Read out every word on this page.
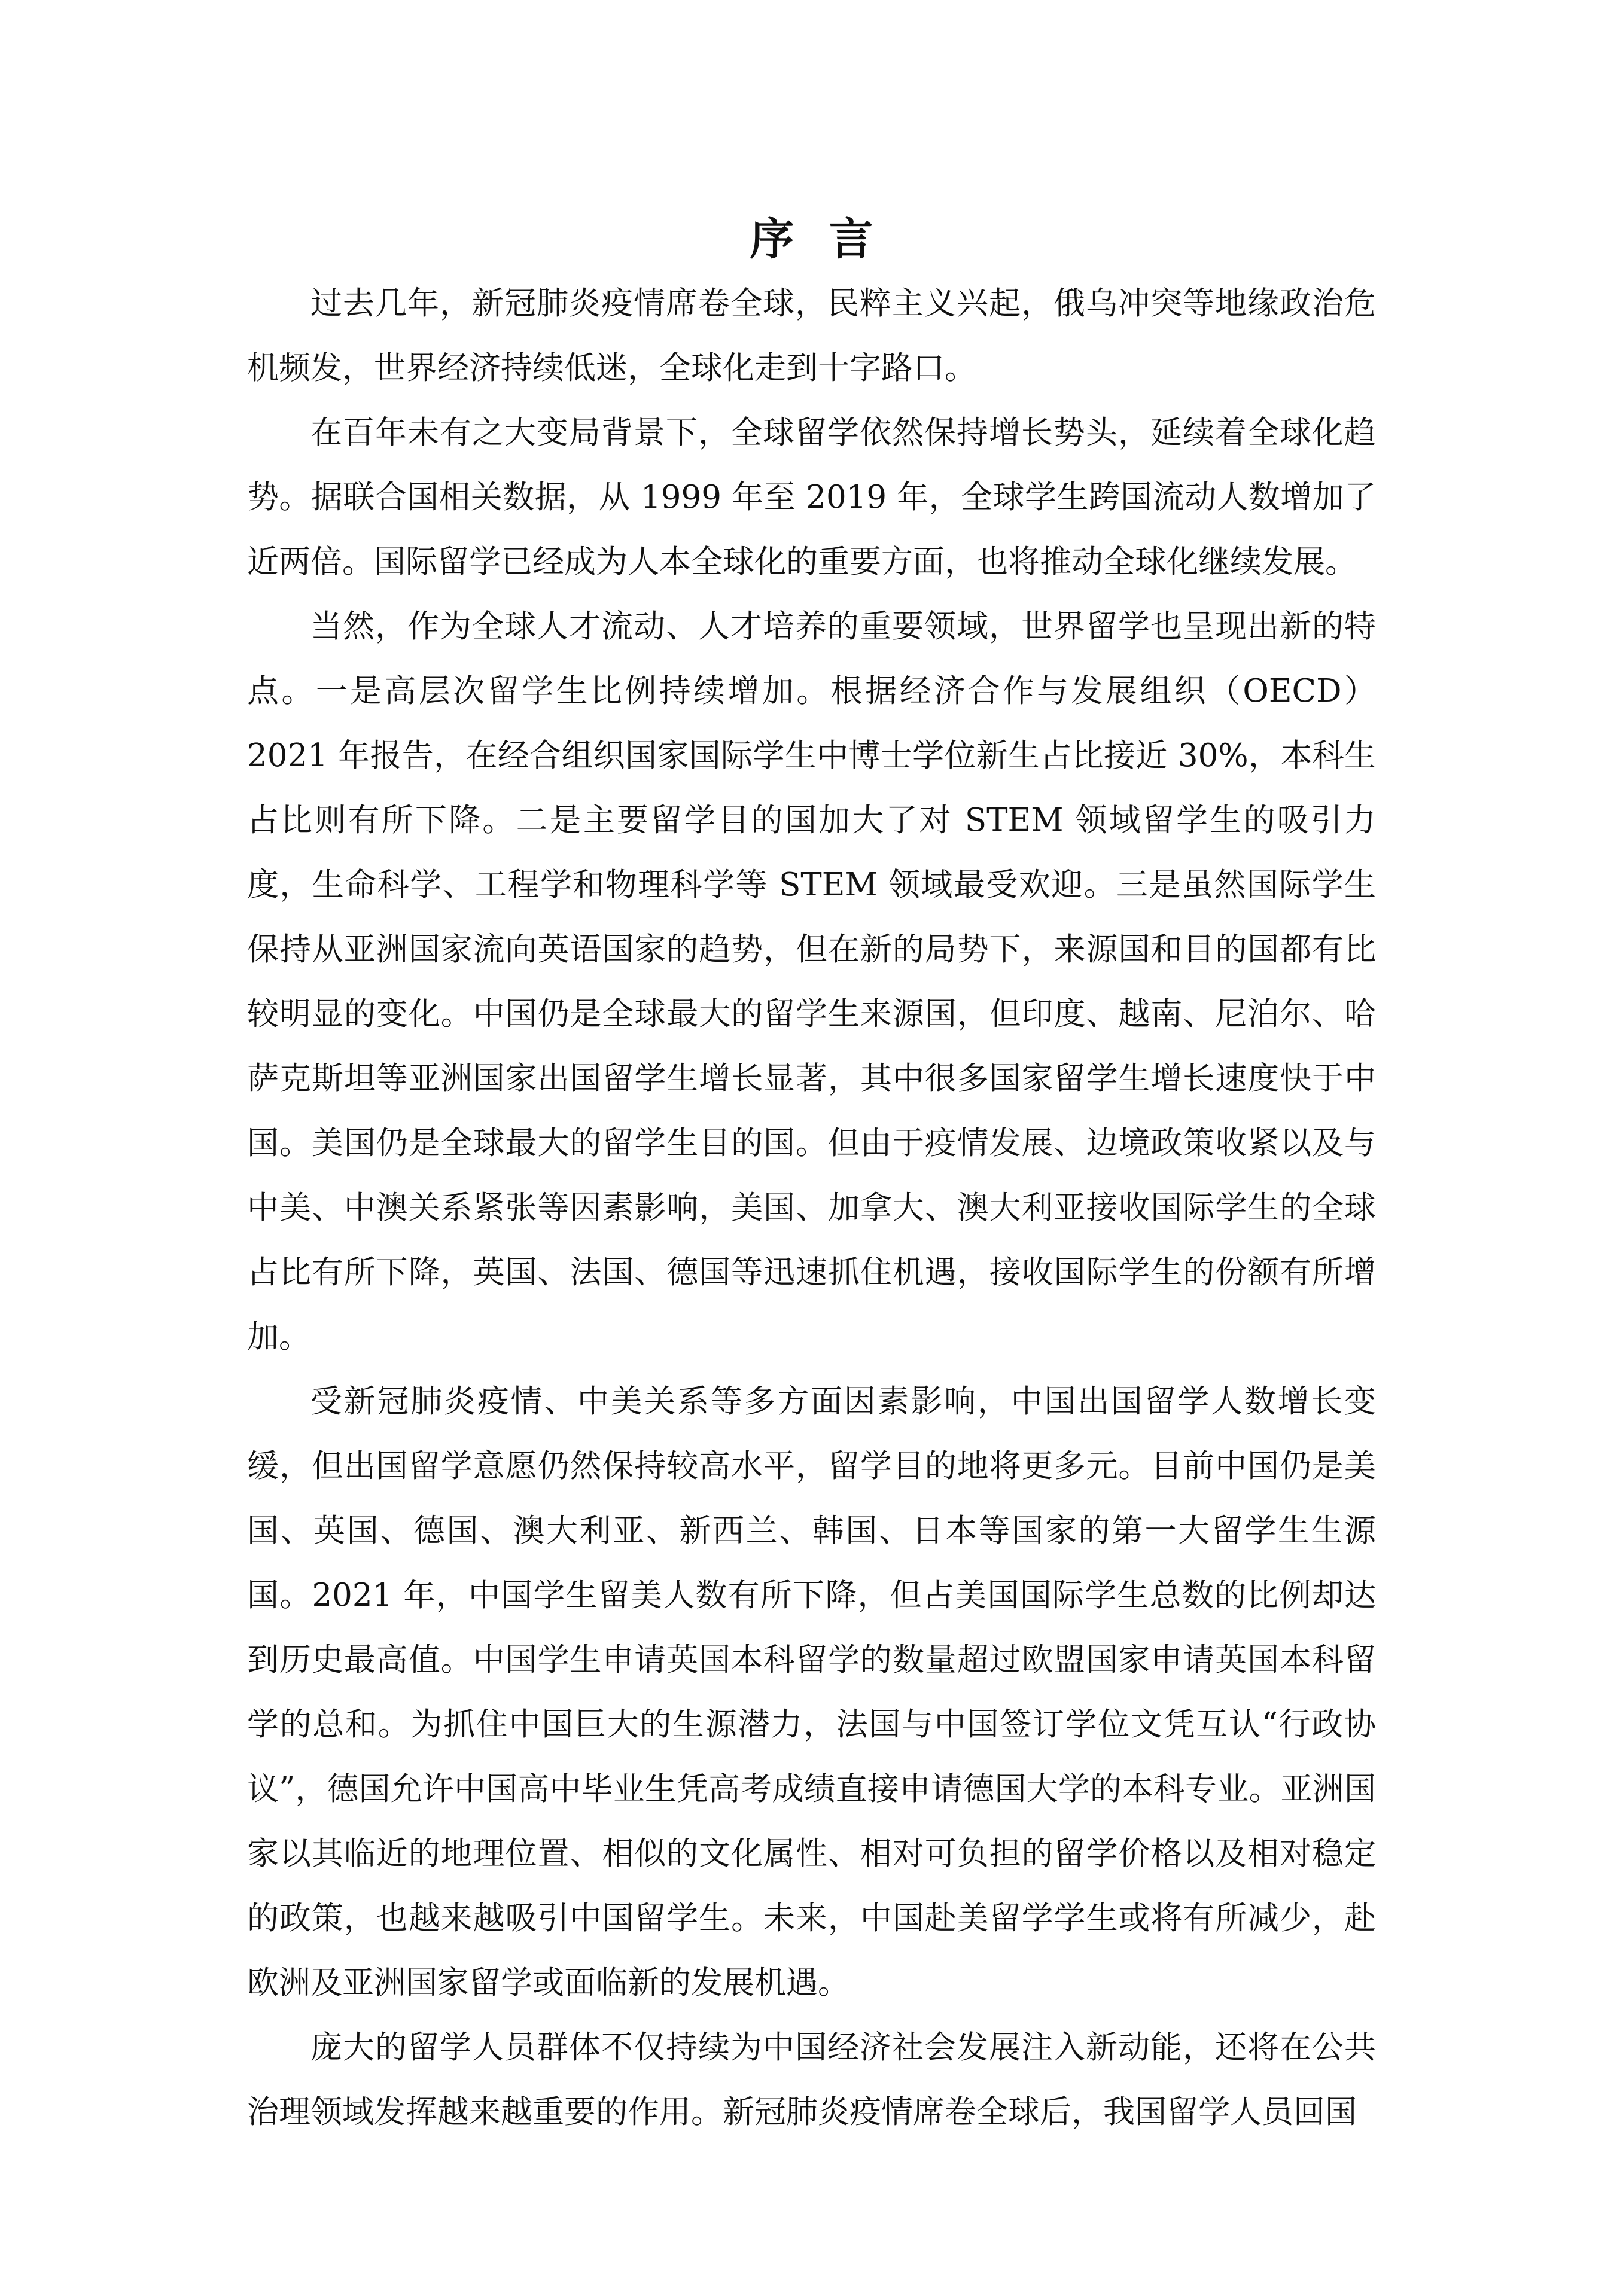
序言

过去几年，新冠肺炎疫情席卷全球，民粹主义兴起，俄乌冲突等地缘政治危机频发，世界经济持续低迷，全球化走到十字路口。

在百年未有之大变局背景下，全球留学依然保持增长势头，延续着全球化趋势。据联合国相关数据，从 1999 年至 2019 年，全球学生跨国流动人数增加了近两倍。国际留学已经成为人本全球化的重要方面，也将推动全球化继续发展。

当然，作为全球人才流动、人才培养的重要领域，世界留学也呈现出新的特点。一是高层次留学生比例持续增加。根据经济合作与发展组织（OECD）2021 年报告，在经合组织国家国际学生中博士学位新生占比接近 30%，本科生占比则有所下降。二是主要留学目的国加大了对 STEM 领域留学生的吸引力度，生命科学、工程学和物理科学等 STEM 领域最受欢迎。三是虽然国际学生保持从亚洲国家流向英语国家的趋势，但在新的局势下，来源国和目的国都有比较明显的变化。中国仍是全球最大的留学生来源国，但印度、越南、尼泊尔、哈萨克斯坦等亚洲国家出国留学生增长显著，其中很多国家留学生增长速度快于中国。美国仍是全球最大的留学生目的国。但由于疫情发展、边境政策收紧以及与中美、中澳关系紧张等因素影响，美国、加拿大、澳大利亚接收国际学生的全球占比有所下降，英国、法国、德国等迅速抓住机遇，接收国际学生的份额有所增加。

受新冠肺炎疫情、中美关系等多方面因素影响，中国出国留学人数增长变缓，但出国留学意愿仍然保持较高水平，留学目的地将更多元。目前中国仍是美国、英国、德国、澳大利亚、新西兰、韩国、日本等国家的第一大留学生生源国。2021 年，中国学生留美人数有所下降，但占美国国际学生总数的比例却达到历史最高值。中国学生申请英国本科留学的数量超过欧盟国家申请英国本科留学的总和。为抓住中国巨大的生源潜力，法国与中国签订学位文凭互认“行政协议”，德国允许中国高中毕业生凭高考成绩直接申请德国大学的本科专业。亚洲国家以其临近的地理位置、相似的文化属性、相对可负担的留学价格以及相对稳定的政策，也越来越吸引中国留学生。未来，中国赴美留学学生或将有所减少，赴欧洲及亚洲国家留学或面临新的发展机遇。

庞大的留学人员群体不仅持续为中国经济社会发展注入新动能，还将在公共治理领域发挥越来越重要的作用。新冠肺炎疫情席卷全球后，我国留学人员回国
